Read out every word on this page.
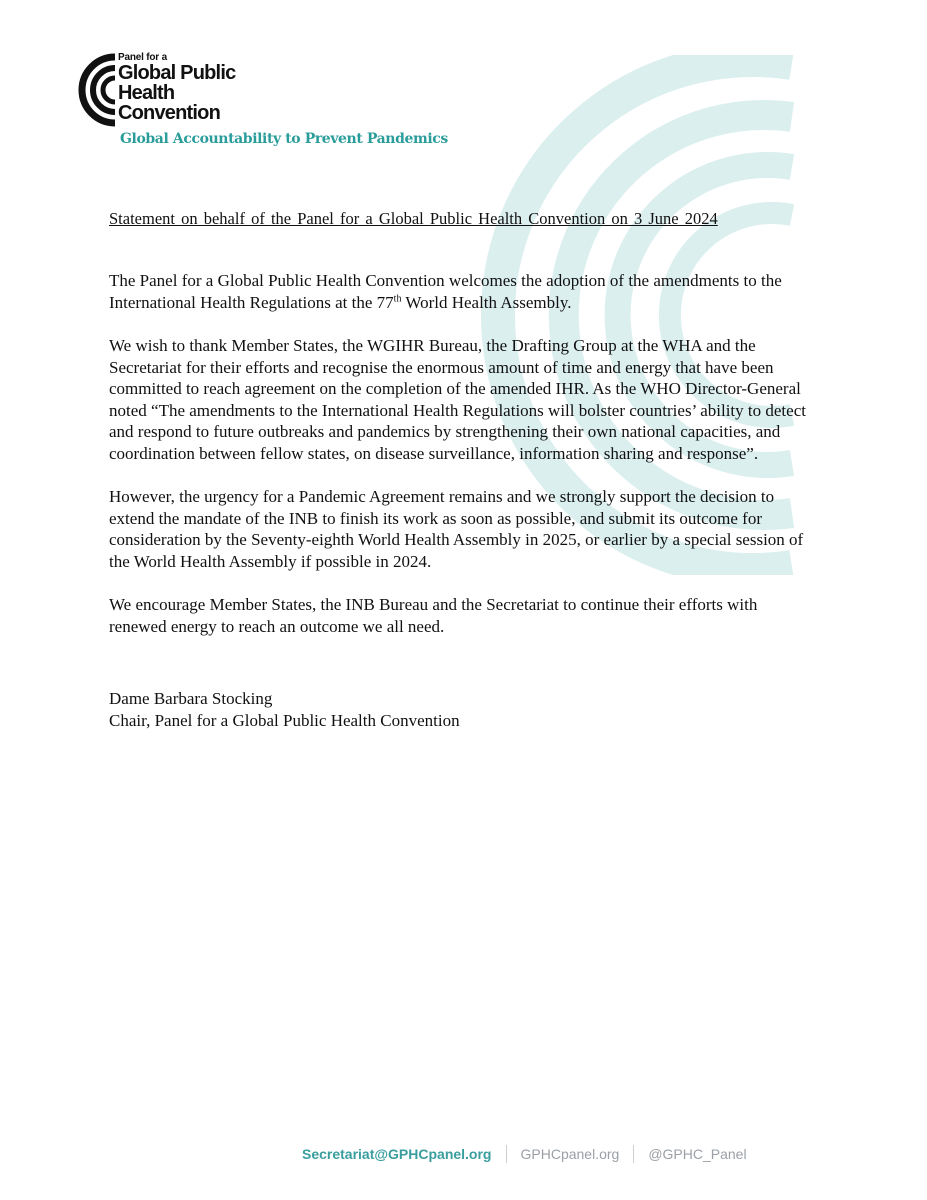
Panel for a
Global Public
Health
Convention
Global Accountability to Prevent Pandemics
Statement on behalf of the Panel for a Global Public Health Convention on 3 June 2024

The Panel for a Global Public Health Convention welcomes the adoption of the amendments to the International Health Regulations at the 77th World Health Assembly.

We wish to thank Member States, the WGIHR Bureau, the Drafting Group at the WHA and the Secretariat for their efforts and recognise the enormous amount of time and energy that have been committed to reach agreement on the completion of the amended IHR. As the WHO Director-General noted “The amendments to the International Health Regulations will bolster countries’ ability to detect and respond to future outbreaks and pandemics by strengthening their own national capacities, and coordination between fellow states, on disease surveillance, information sharing and response”.

However, the urgency for a Pandemic Agreement remains and we strongly support the decision to extend the mandate of the INB to finish its work as soon as possible, and submit its outcome for consideration by the Seventy-eighth World Health Assembly in 2025, or earlier by a special session of the World Health Assembly if possible in 2024.

We encourage Member States, the INB Bureau and the Secretariat to continue their efforts with renewed energy to reach an outcome we all need.

Dame Barbara Stocking
Chair, Panel for a Global Public Health Convention
Secretariat@GPHCpanel.org GPHCpanel.org @GPHC_Panel
